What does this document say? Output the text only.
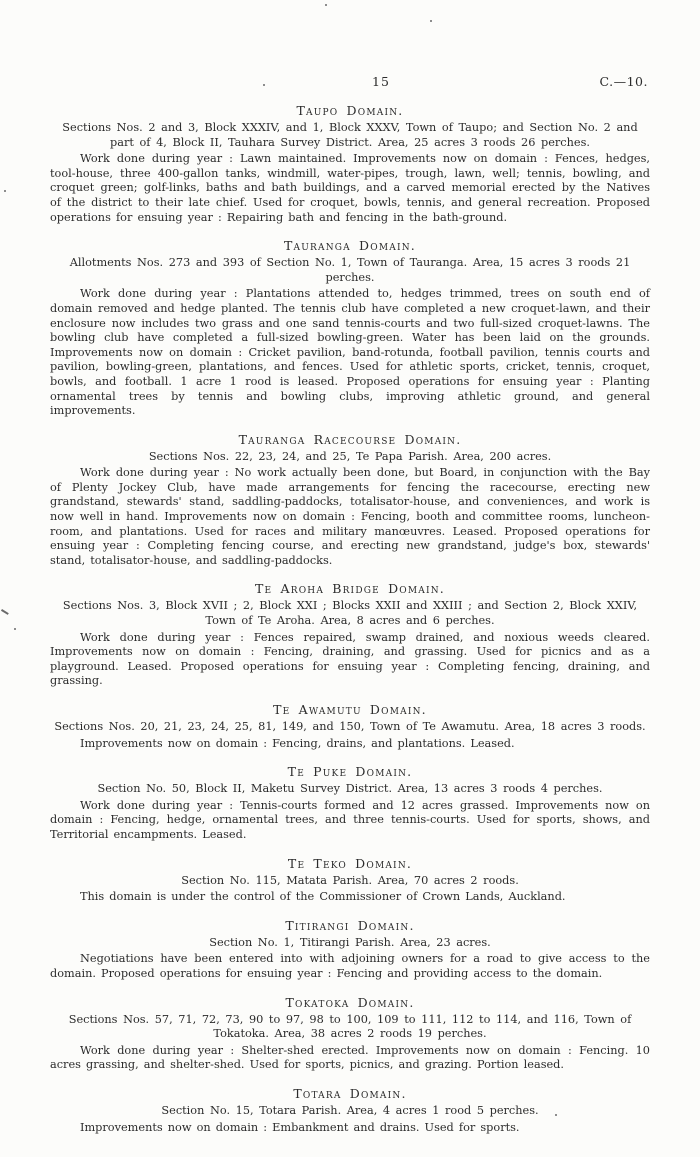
15	C.—10.
Taupo Domain.

Sections Nos. 2 and 3, Block XXXIV, and 1, Block XXXV, Town of Taupo; and Section No. 2 and part of 4, Block II, Tauhara Survey District. Area, 25 acres 3 roods 26 perches.

Work done during year : Lawn maintained. Improvements now on domain : Fences, hedges, tool-house, three 400-gallon tanks, windmill, water-pipes, trough, lawn, well; tennis, bowling, and croquet green; golf-links, baths and bath buildings, and a carved memorial erected by the Natives of the district to their late chief. Used for croquet, bowls, tennis, and general recreation. Proposed operations for ensuing year : Repairing bath and fencing in the bath-ground.

Tauranga Domain.

Allotments Nos. 273 and 393 of Section No. 1, Town of Tauranga. Area, 15 acres 3 roods 21 perches.

Work done during year : Plantations attended to, hedges trimmed, trees on south end of domain removed and hedge planted. The tennis club have completed a new croquet-lawn, and their enclosure now includes two grass and one sand tennis-courts and two full-sized croquet-lawns. The bowling club have completed a full-sized bowling-green. Water has been laid on the grounds. Improvements now on domain : Cricket pavilion, band-rotunda, football pavilion, tennis courts and pavilion, bowling-green, plantations, and fences. Used for athletic sports, cricket, tennis, croquet, bowls, and football. 1 acre 1 rood is leased. Proposed operations for ensuing year : Planting ornamental trees by tennis and bowling clubs, improving athletic ground, and general improvements.

Tauranga Racecourse Domain.

Sections Nos. 22, 23, 24, and 25, Te Papa Parish. Area, 200 acres.

Work done during year : No work actually been done, but Board, in conjunction with the Bay of Plenty Jockey Club, have made arrangements for fencing the racecourse, erecting new grandstand, stewards' stand, saddling-paddocks, totalisator-house, and conveniences, and work is now well in hand. Improvements now on domain : Fencing, booth and committee rooms, luncheon-room, and plantations. Used for races and military manœuvres. Leased. Proposed operations for ensuing year : Completing fencing course, and erecting new grandstand, judge's box, stewards' stand, totalisator-house, and saddling-paddocks.

Te Aroha Bridge Domain.

Sections Nos. 3, Block XVII ; 2, Block XXI ; Blocks XXII and XXIII ; and Section 2, Block XXIV, Town of Te Aroha. Area, 8 acres and 6 perches.

Work done during year : Fences repaired, swamp drained, and noxious weeds cleared. Improvements now on domain : Fencing, draining, and grassing. Used for picnics and as a playground. Leased. Proposed operations for ensuing year : Completing fencing, draining, and grassing.

Te Awamutu Domain.

Sections Nos. 20, 21, 23, 24, 25, 81, 149, and 150, Town of Te Awamutu. Area, 18 acres 3 roods.

Improvements now on domain : Fencing, drains, and plantations. Leased.

Te Puke Domain.

Section No. 50, Block II, Maketu Survey District. Area, 13 acres 3 roods 4 perches.

Work done during year : Tennis-courts formed and 12 acres grassed. Improvements now on domain : Fencing, hedge, ornamental trees, and three tennis-courts. Used for sports, shows, and Territorial encampments. Leased.

Te Teko Domain.

Section No. 115, Matata Parish. Area, 70 acres 2 roods.

This domain is under the control of the Commissioner of Crown Lands, Auckland.

Titirangi Domain.

Section No. 1, Titirangi Parish. Area, 23 acres.

Negotiations have been entered into with adjoining owners for a road to give access to the domain. Proposed operations for ensuing year : Fencing and providing access to the domain.

Tokatoka Domain.

Sections Nos. 57, 71, 72, 73, 90 to 97, 98 to 100, 109 to 111, 112 to 114, and 116, Town of Tokatoka. Area, 38 acres 2 roods 19 perches.

Work done during year : Shelter-shed erected. Improvements now on domain : Fencing. 10 acres grassing, and shelter-shed. Used for sports, picnics, and grazing. Portion leased.

Totara Domain.

Section No. 15, Totara Parish. Area, 4 acres 1 rood 5 perches.

Improvements now on domain : Embankment and drains. Used for sports.
